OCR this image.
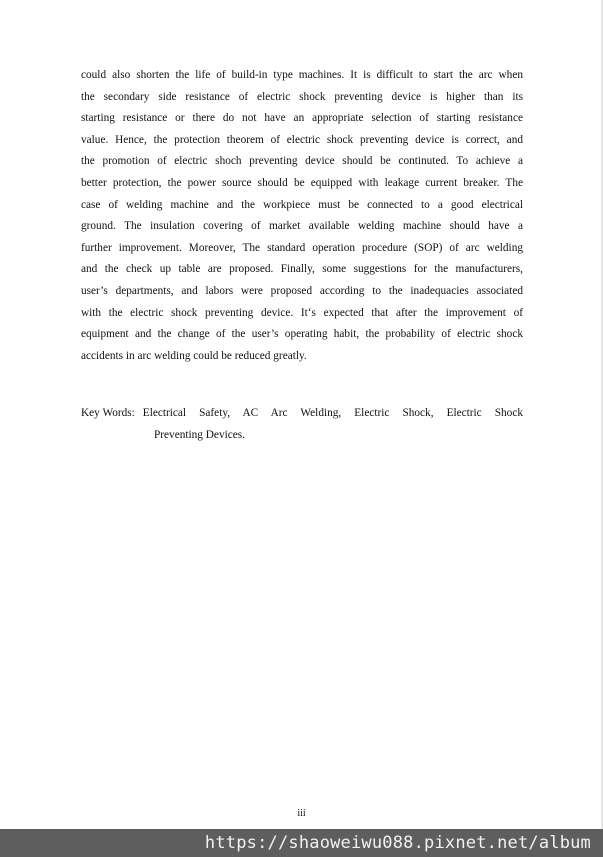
could also shorten the life of build-in type machines. It is difficult to start the arc when
the secondary side resistance of electric shock preventing device is higher than its
starting resistance or there do not have an appropriate selection of starting resistance
value. Hence, the protection theorem of electric shock preventing device is correct, and
the promotion of electric shoch preventing device should be continuted. To achieve a
better protection, the power source should be equipped with leakage current breaker. The
case of welding machine and the workpiece must be connected to a good electrical
ground. The insulation covering of market available welding machine should have a
further improvement. Moreover, The standard operation procedure (SOP) of arc welding
and the check up table are proposed. Finally, some suggestions for the manufacturers,
user’s departments, and labors were proposed according to the inadequacies associated
with the electric shock preventing device. It‘s expected that after the improvement of
equipment and the change of the user’s operating habit, the probability of electric shock
accidents in arc welding could be reduced greatly.
Key Words: Electrical Safety, AC Arc Welding, Electric Shock, Electric Shock
Preventing Devices.
iii
https://shaoweiwu088.pixnet.net/album
